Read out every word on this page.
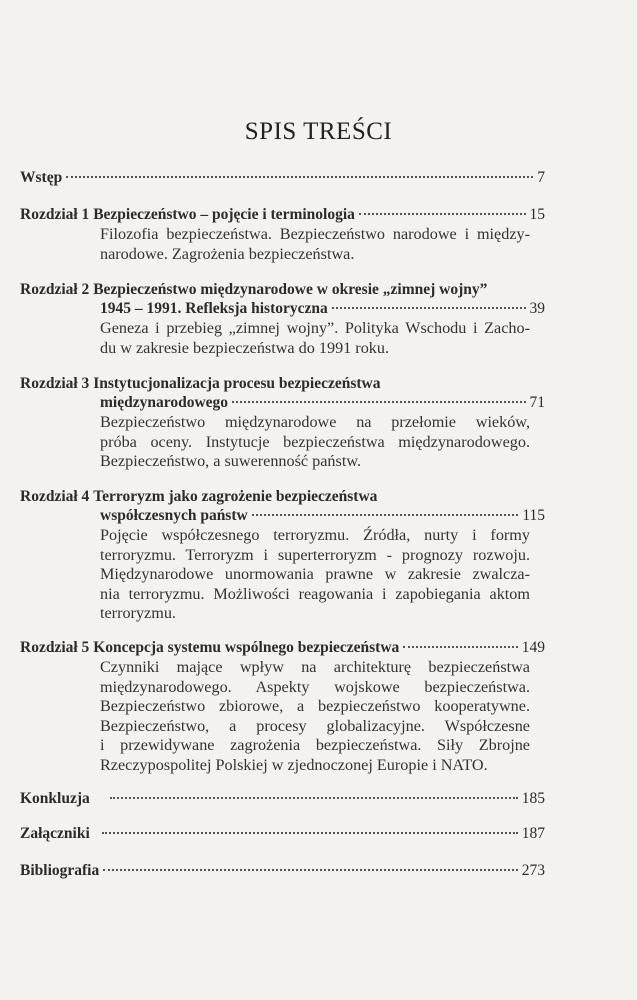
SPIS TREŚCI
Wstęp	7
Rozdział 1
Bezpieczeństwo – pojęcie i terminologia	15
Filozofia bezpieczeństwa. Bezpieczeństwo narodowe i między-
narodowe. Zagrożenia bezpieczeństwa.
Rozdział 2
Bezpieczeństwo międzynarodowe w okresie „zimnej wojny”
1945 – 1991. Refleksja historyczna	39
Geneza i przebieg „zimnej wojny”. Polityka Wschodu i Zacho-
du w zakresie bezpieczeństwa do 1991 roku.
Rozdział 3
Instytucjonalizacja procesu bezpieczeństwa
międzynarodowego	71
Bezpieczeństwo międzynarodowe na przełomie wieków,
próba oceny. Instytucje bezpieczeństwa międzynarodowego.
Bezpieczeństwo, a suwerenność państw.
Rozdział 4
Terroryzm jako zagrożenie bezpieczeństwa
współczesnych państw	115
Pojęcie współczesnego terroryzmu. Źródła, nurty i formy
terroryzmu. Terroryzm i superterroryzm - prognozy rozwoju.
Międzynarodowe unormowania prawne w zakresie zwalcza-
nia terroryzmu. Możliwości reagowania i zapobiegania aktom
terroryzmu.
Rozdział 5
Koncepcja systemu wspólnego bezpieczeństwa	149
Czynniki mające wpływ na architekturę bezpieczeństwa
międzynarodowego. Aspekty wojskowe bezpieczeństwa.
Bezpieczeństwo zbiorowe, a bezpieczeństwo kooperatywne.
Bezpieczeństwo, a procesy globalizacyjne. Współczesne
i przewidywane zagrożenia bezpieczeństwa. Siły Zbrojne
Rzeczypospolitej Polskiej w zjednoczonej Europie i NATO.
Konkluzja	185
Załączniki	187
Bibliografia	273
